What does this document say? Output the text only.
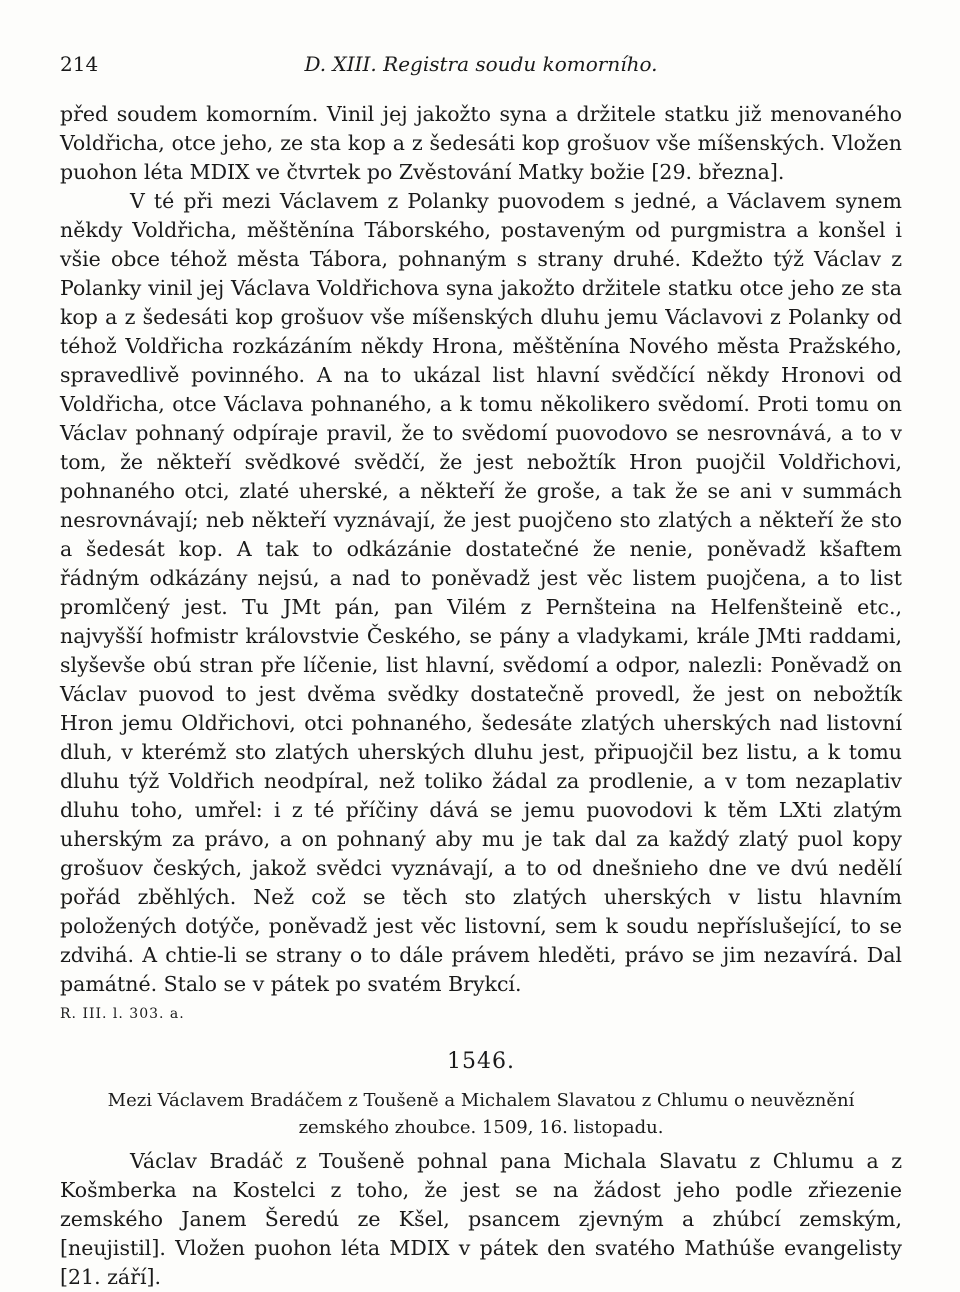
214	D. XIII. Registra soudu komorního.

před soudem komorním. Vinil jej jakožto syna a držitele statku již menovaného Voldřicha, otce jeho, ze sta kop a z šedesáti kop grošuov vše míšenských. Vložen puohon léta MDIX ve čtvrtek po Zvěstování Matky božie [29. března].

V té při mezi Václavem z Polanky puovodem s jedné, a Václavem synem někdy Voldřicha, měštěnína Táborského, postaveným od purgmistra a konšel i všie obce téhož města Tábora, pohnaným s strany druhé. Kdežto týž Václav z Polanky vinil jej Václava Voldřichova syna jakožto držitele statku otce jeho ze sta kop a z šedesáti kop grošuov vše míšenských dluhu jemu Václavovi z Polanky od téhož Voldřicha rozkázáním někdy Hrona, měštěnína Nového města Pražského, spravedlivě povinného. A na to ukázal list hlavní svědčící někdy Hronovi od Voldřicha, otce Václava pohnaného, a k tomu několikero svědomí. Proti tomu on Václav pohnaný odpíraje pravil, že to svědomí puovodovo se nesrovnává, a to v tom, že někteří svědkové svědčí, že jest nebožtík Hron puojčil Voldřichovi, pohnaného otci, zlaté uherské, a někteří že groše, a tak že se ani v summách nesrovnávají; neb někteří vyznávají, že jest puojčeno sto zlatých a někteří že sto a šedesát kop. A tak to odkázánie dostatečné že nenie, poněvadž kšaftem řádným odkázány nejsú, a nad to poněvadž jest věc listem puojčena, a to list promlčený jest. Tu JMt pán, pan Vilém z Pernšteina na Helfenšteině etc., najvyšší hofmistr královstvie Českého, se pány a vladykami, krále JMti raddami, slyševše obú stran pře líčenie, list hlavní, svědomí a odpor, nalezli: Poněvadž on Václav puovod to jest dvěma svědky dostatečně provedl, že jest on nebožtík Hron jemu Oldřichovi, otci pohnaného, šedesáte zlatých uherských nad listovní dluh, v kterémž sto zlatých uherských dluhu jest, připuojčil bez listu, a k tomu dluhu týž Voldřich neodpíral, než toliko žádal za prodlenie, a v tom nezaplativ dluhu toho, umřel: i z té příčiny dává se jemu puovodovi k těm LXti zlatým uherským za právo, a on pohnaný aby mu je tak dal za každý zlatý puol kopy grošuov českých, jakož svědci vyznávají, a to od dnešnieho dne ve dvú nedělí pořád zběhlých. Než což se těch sto zlatých uherských v listu hlavním položených dotýče, poněvadž jest věc listovní, sem k soudu nepříslušející, to se zdvihá. A chtie-li se strany o to dále právem hleděti, právo se jim nezavírá. Dal památné. Stalo se v pátek po svatém Brykcí.

R. III. l. 303. a.
1546.
Mezi Václavem Bradáčem z Toušeně a Michalem Slavatou z Chlumu o neuvěznění zemského zhoubce. 1509, 16. listopadu.

Václav Bradáč z Toušeně pohnal pana Michala Slavatu z Chlumu a z Košmberka na Kostelci z toho, že jest se na žádost jeho podle zřiezenie zemského Janem Šeredú ze Kšel, psancem zjevným a zhúbcí zemským, [neujistil]. Vložen puohon léta MDIX v pátek den svatého Mathúše evangelisty [21. září].
